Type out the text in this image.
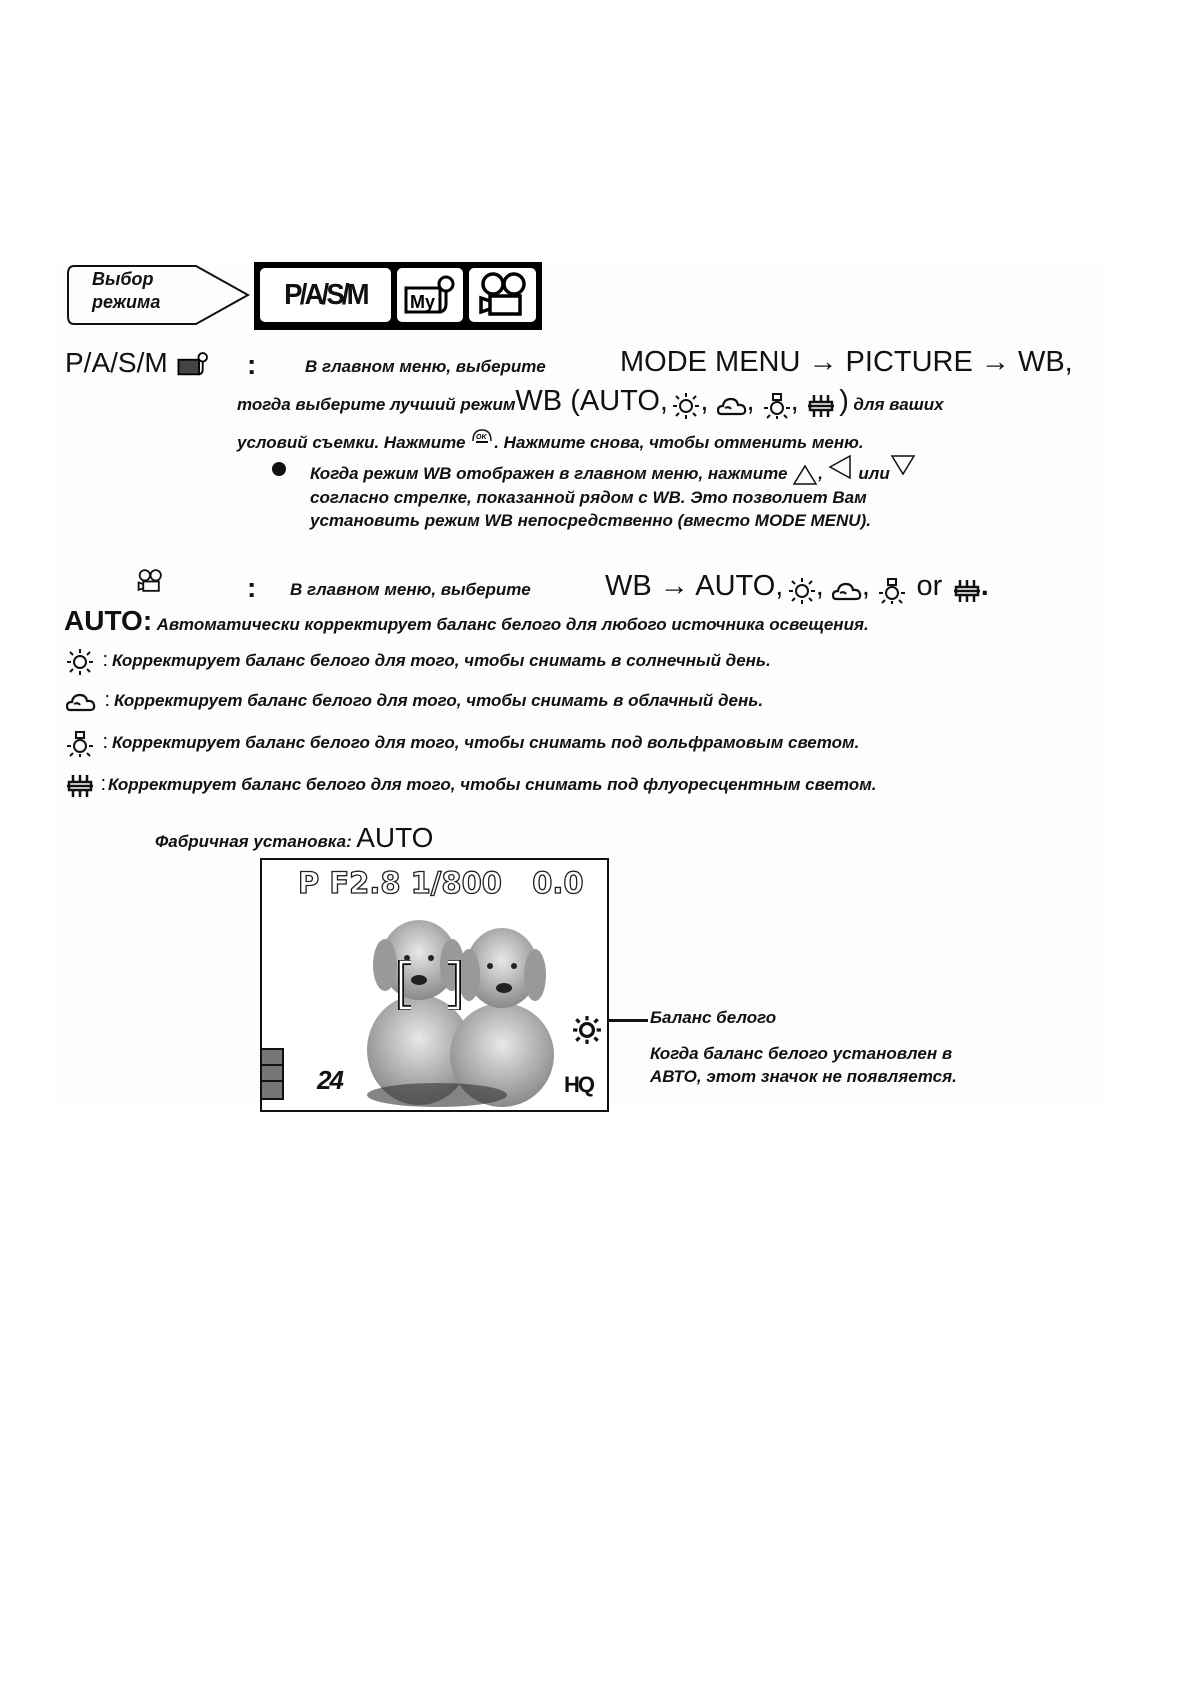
Выбор
режима	P/A/S/M My
P/A/S/M	:	В главном меню, выберите	MODE MENU → PICTURE → WB,
тогда выберите лучший режимWB (AUTO, , , ,  ) для ваших
условий съемки. Нажмите OK . Нажмите снова, чтобы отменить меню.
Когда режим WB отображен в главном меню, нажмите , или
согласно стрелке, показанной рядом с WB. Это позволиет Вам
установить режим WB непосредственно (вместо MODE MENU).
: В главном меню, выберите	WB → AUTO, , ,  or .
AUTO: Автоматически корректирует баланс белого для любого источника освещения.
: Корректирует баланс белого для того, чтобы снимать в солнечный день.
: Корректирует баланс белого для того, чтобы снимать в облачный день.
: Корректирует баланс белого для того, чтобы снимать под вольфрамовым светом.
: Корректирует баланс белого для того, чтобы снимать под флуоресцентным светом.
Фабричная установка: AUTO
P F2.8 1/800   0.0
24	HQ
Баланс белого
Когда баланс белого установлен в
АВТО, этот значок не появляется.
